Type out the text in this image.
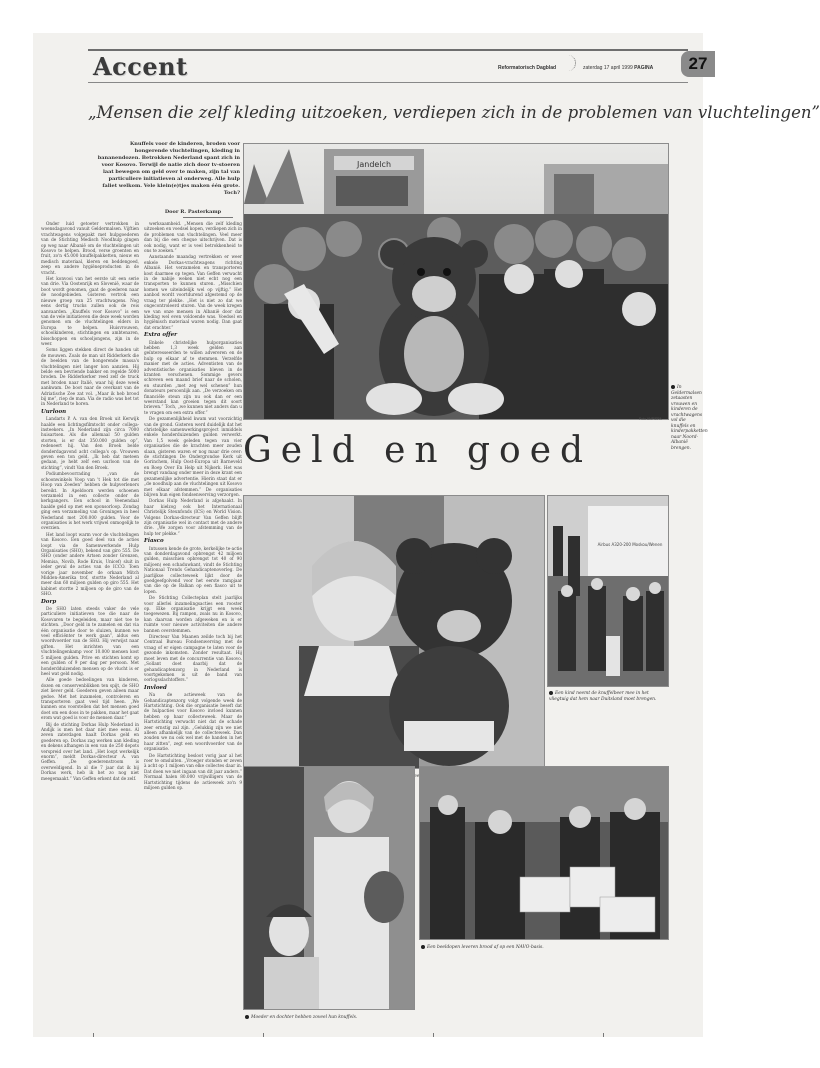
Accent	Reformatorisch Dagblad	zaterdag 17 april 1999 PAGINA	27
„Mensen die zelf kleding uitzoeken, verdiepen zich in de problemen van vluchtelingen”
Knuffels voor de kinderen, broden voor hongerende vluchtelingen, kleding in bananendozen. Betrokken Nederland spant zich in voor Kosovo. Terwijl de natie zich door tv-stoeren laat bewegen om geld over te maken, zijn tal van particuliere initiatieven al onderweg. Alle hulp faliet welkom. Vele klein(e)tjes maken één grote. Toch?
Door R. Pasterkamp

Onder luid getoeter vertrokken in woensdagavond vanuit Geldermalsen. Vijftien vrachtwagens volgepakt met hulpgoederen van de Stichting Medisch Noodhulp gingen op weg naar Albanië om de vluchtelingen uit Kosovo te helpen. Brood, verse groenten en fruit, zo'n 45.000 knuffelpakketten, nieuw en medisch materiaal, kleren en beddengoed, zeep en andere hygiëneproducten in de vracht.

Het konvooi van het eerste uit een serie van drie. Via Oostenrijk en Slovenië, waar de boot wordt genomen, gaat de goederen naar de noodgebieden. Gisteren vertrok een nieuwe groep van 25 vrachtwagens. Nog eens dertig trucks zullen ook de reis aanvaarden. „Knuffels voor Kosovo” is een van de vele initiatieven die deze week worden genomen om de vluchtelingen elders in Europa te helpen. Huisvrouwen, schoolkinderen, stichtingen en ambtenaren, bisschoppen en schooljongens, zijn in de weer.

Soms liggen stekken direct de handen uit de mouwen. Zoals de man uit Ridderkerk die de beelden van de hongerende massa's vluchtelingen niet langer kon aanzien. Hij belde een bevriende bakker en regelde 5000 broden. De Ridderkerker reed zelf de truck met broden naar Italië, waar hij deze week aankwam. De boot naar de overkant van de Adriatische Zee zat vol. „Maar ik heb brood bij me”, riep de man. Via de radio was het tot in Nederland te horen.

Uurloon

Landarts P. A. van den Broek uit Kerwijk haalde een lichtingsfilmtocht onder collega-insteekers. „In Nederland zijn circa 7000 huisartsen. Als die allemaal 50 gulden storten, is er dat 350.000 gulden op”, redeneert hij. Van den Broek belde donderdagavond acht collega's op. Vrouwen geven een ton geld. „Ik heb dat meteen gedaan, je hebt zelf een uurloon van de stichting”, vindt Van den Broek.

Podiumbevoorrading „van de schoonwinkels Voop van 't Hek tot die met Hoop van Zeeden” hebben de hulpverleners bereikt. In Apeldoorn werden schoenen verzameld in een collecte onder de kerkgangers. Een school in Veenendaal haalde geld op met een sponsorloop. Zondag ging een verzameling van Groningen in heel Nederland met 200.000 gulden. Voor de organisaties is het werk vrijwel onmogelijk te overzien.

Het land loopt warm voor de vluchtelingen van Kosovo. Een goed deel van de acties loopt via de Samenwerkende Hulp Organisaties (SHO), bekend van giro 555. De SHO (onder andere Artsen zonder Grenzen, Memisa, Novib, Rode Kruis, Unicef) sluit in ieder geval de acties van de ICCO. Toen vorige jaar november de orkaan Mitch Midden-Amerika trof, stortte Nederland al meer dan 60 miljoen gulden op giro 555. Het kabinet stortte 2 miljoen op de giro van de SHO.

Dorp

De SHO laten steeds vaker de vele particuliere initiatieven toe die naar de Kosovaren te begeleiden, maar niet toe te stichten. „Door geld in te zamelen en dat via één organisatie door te sluizen, kunnen we veel efficiënter te werk gaan”, aldus een woordvoerder van de SHO. Hij verwijst naar giften. Het inrichten van een vluchtelingenkamp voor 10.000 mensen kost 5 miljoen gulden. Prive en stichten komt op een gulden of 9 per dag per persoon. Met honderdduizenden mensen op de vlucht is er heel wat geld nodig.

Alle goede bedoelingen van kinderen, dozen en conservenblikken ten spijt, de SHO ziet liever geld. Goederen geven alleen maar gedoe. Met het inzamelen, controleren en transporteren gaat veel tijd heen. „We kunnen ons voorstellen dat het mensen goed doet om een doos in te pakken, maar het gaat erom wat goed is voor de mensen daar.”

Bij de stichting Dorkas Hulp Nederland in Andijk is men het daar niet mee eens. Al zeven zaterdagen haalt Dorkas geld en goederen op. Dorkas zag werken aan kleding en dekens afhangen in een van de 250 depots verspreid over het land. „Het loopt werkelijk enorm”, meldt Dorkas-directeur A. van Geffen. „De goederenstroom is overweldigend. In al die 7 jaar dat ik bij Dorkas werk, heb ik het zo nog niet meegemaakt.” Van Geffen erkent dat de zelf.

werksaamheid. „Mensen die zelf kleding uitzoeken en voedsel kopen, verdiepen zich in de problemen van vluchtelingen. Veel meer dan bij die een cheque uitschrijven. Dat is ook nodig, want er is veel betrokkenheid te ons te zoeken.”

Aanstaande maandag vertrekken er weer enkele Dorkas-vrachtwagens richting Albanië. Het verzamelen en transporteren kost daarmee op tegen. Van Geffen verwacht in de nabije weken niet echt nog een transporten te kunnen sturen. „Misschien komen we uiteindelijk wel op vijftig.” Het aanbod wordt voortdurend afgestemd op de vraag ter plekke. „Het is niet zo dat we ongecontroleerd sturen. Van de week kregen we van onze mensen in Albanië door dat kleding wel even voldoende was. Voedsel en hygiënisch materiaal waren nodig. Dan gaat dat erachter.”

Extra offer

Enkele christelijke hulporganisaties hebben 1,3 week gelden aan geïnteresseerden te willen advereren en de hulp op elkaar af te stemmen. Verzelfde manier met de acties. Adventisten van de adventistische organisaties bleven in de kranten verschenen. Sommige gevers schreven een maand brief naar de scholen, en stuurden „met zeg wel schenen” hun donateurs persoonlijk aan. „De verzoeken om financiële steun zijn nu ook dan er een weerstand kan groeien tegen dit soort brieven.” Toch, „we kunnen niet anders dan u te vragen om een extra offer.”

De gezamenlijkheid kwam wat voorzichtig van de grond. Gisteren werd duidelijk dat het christelijke samenwerkingsproject inmiddels enkele honderduizenden gulden verwerkt. Van 1,5 week geleden tegen van vier organisaties die de krachten meer zouden slaan, gisteren waren er nog maar drie over: de stichtingen De Ondergrondse Kerk uit Gorinchem, Hulp Oost-Europa uit Barneveld en Roep Over En Help uit Nijkerk. Het was brengt vandaag onder meer in deze krant een gezamenlijke advertentie. Hierin staat dat er „de noodhulp aan de vluchtelingen uit Kosovo met elkaar afstemmen.” De organisaties blijven hun eigen fondsenwerving verzorgen.

Dorkas Hulp Nederland is afgehaakt. In haar kielzog ook het Internationaal Christelijk Steunfonds (ICS) en World Vision. Volgens Dorkas-directeur Van Geffen blijft zijn organisatie wel in contact met de andere drie. „We zorgen voor afstemming van de hulp ter plekke.”

Fiasco

Intussen kende de grote, kerkelijke te-actie van donderdagavond opbrengst 42 miljoen gulden, misschien opbrengst tot 40 of 90 miljoen) een schaduwkant, vindt de Stichting Nationaal Trends Gehandicaptenoverleg. De jaarlijkse collecteweek lijkt door de goedgeefgolvend voor het eerste rampjaar van die op de Balkan op een fiasco uit te lopen.

De Stichting Collecteplan stelt jaarlijks voor allerlei inzamelingsacties een rooster op. Elke organisatie krijgt een week toegewezen. Bij rampen, zoals nu in Kosovo, kan daarvan worden afgeweken en is er ruimte voor nieuwe activiteiten die andere bannen overstemmen.

Directeur Van Maanen zeilde toch bij het Centraal Bureau Fondsenwerving met de vraag of er eigen campagne te laten voor de gezonde inkomsten. Zonder resultaat. Hij moet leven met de concurrentie van Kosovo. „Sollant doet daarbij dat de gehandicaptenzorg in Nederland is voortgekomen is uit de band van oorlogsslachtoffers.”

Invloed

Na de actieweek van de Gehandicaptenzorg volgt volgende week de Hartstichting. Ook die organisatie beseft dat de hulpacties voor Kosovo invloed kunnen hebben op haar collecteweek. Maar de Hartstichting verwacht niet dat de schade zeer ernstig zal zijn. „Gelukkig zijn we niet alleen afhankelijk van de collecteweek. Dan zouden we nu ook wel met de handen in het haar zitten”, zegt een woordvoerder van de organisatie.

De Hartstichting besloot vorig jaar al het roer te omsluiten. „Vroeger stonden er zeven à acht op 1 miljoen van elke collectes daar in. Dat doen we niet ingaan van dit jaar anders.” Normaal halen 80.000 vrijwilligers van de Hartstichting tijdens de actieweek zo'n 9 miljoen gulden op.

Jandelch
In Geldermalsen zetaasten vrouwen en kinderen de vrachtwagens vol die knuffels en kinderpakketten naar Noord-Albanië brengen.
Foto ANP/EPA
Geld en goed
Airbus A320-200 Moskou/Wenen
Een kind neemt de knuffelbeer mee in het vliegtuig dat hem naar Duitsland moet brengen.
Moeder en dochter hebben zoveel hun knuffels.
Een beeldopen leveren brood af op een NAVO-basis.
